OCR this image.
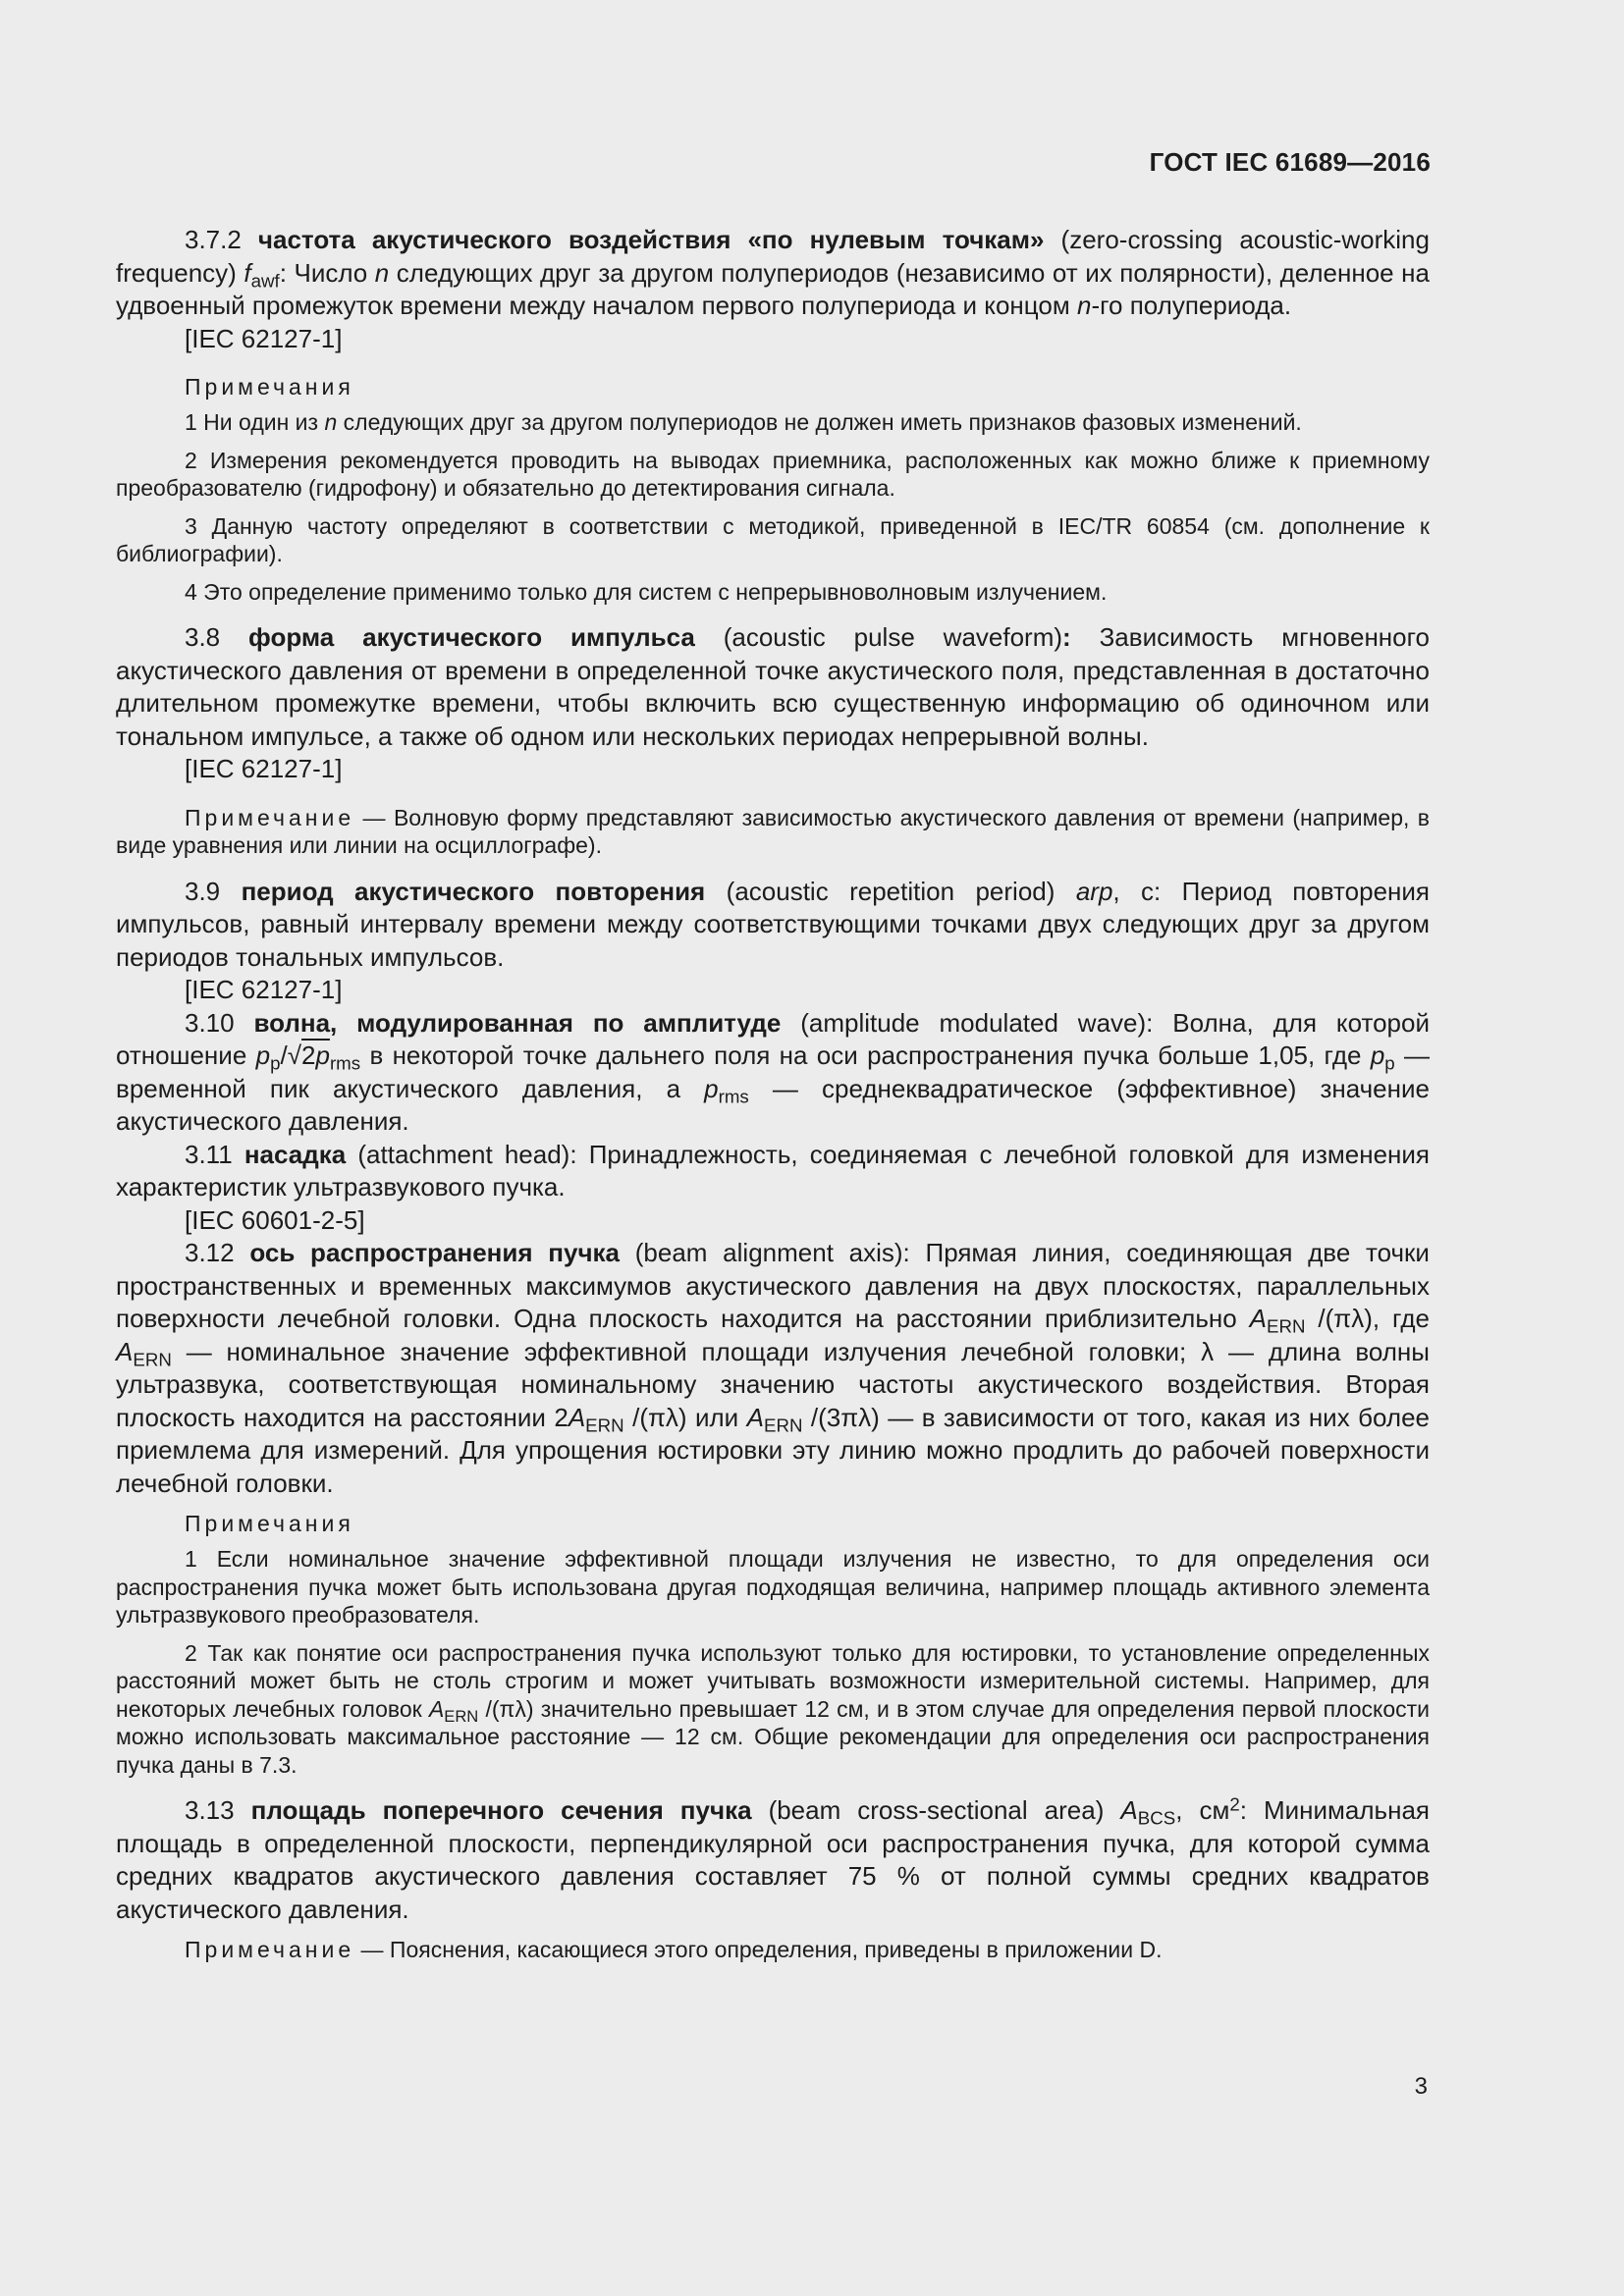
ГОСТ IEC 61689—2016

3.7.2 частота акустического воздействия «по нулевым точкам» (zero-crossing acoustic-working frequency) $f_{awf}$: Число n следующих друг за другом полупериодов (независимо от их полярности), деленное на удвоенный промежуток времени между началом первого полупериода и концом n-го полупериода.

[IEC 62127-1]

Примечания

1 Ни один из n следующих друг за другом полупериодов не должен иметь признаков фазовых изменений.

2 Измерения рекомендуется проводить на выводах приемника, расположенных как можно ближе к приемному преобразователю (гидрофону) и обязательно до детектирования сигнала.

3 Данную частоту определяют в соответствии с методикой, приведенной в IEC/TR 60854 (см. дополнение к библиографии).

4 Это определение применимо только для систем с непрерывноволновым излучением.

3.8 форма акустического импульса (acoustic pulse waveform): Зависимость мгновенного акустического давления от времени в определенной точке акустического поля, представленная в достаточно длительном промежутке времени, чтобы включить всю существенную информацию об одиночном или тональном импульсе, а также об одном или нескольких периодах непрерывной волны.

[IEC 62127-1]

Примечание — Волновую форму представляют зависимостью акустического давления от времени (например, в виде уравнения или линии на осциллографе).

3.9 период акустического повторения (acoustic repetition period) arp, с: Период повторения импульсов, равный интервалу времени между соответствующими точками двух следующих друг за другом периодов тональных импульсов.

[IEC 62127-1]

3.10 волна, модулированная по амплитуде (amplitude modulated wave): Волна, для которой отношение $p_p/√2p_{rms}$ в некоторой точке дальнего поля на оси распространения пучка больше 1,05, где $p_p$ — временной пик акустического давления, а $p_{rms}$ — среднеквадратическое (эффективное) значение акустического давления.

3.11 насадка (attachment head): Принадлежность, соединяемая с лечебной головкой для изменения характеристик ультразвукового пучка.

[IEC 60601-2-5]

3.12 ось распространения пучка (beam alignment axis): Прямая линия, соединяющая две точки пространственных и временных максимумов акустического давления на двух плоскостях, параллельных поверхности лечебной головки. Одна плоскость находится на расстоянии приблизительно $A_{ERN}$ /(πλ), где $A_{ERN}$ — номинальное значение эффективной площади излучения лечебной головки; λ — длина волны ультразвука, соответствующая номинальному значению частоты акустического воздействия. Вторая плоскость находится на расстоянии $2A_{ERN}$ /(πλ) или $A_{ERN}$ /(3πλ) — в зависимости от того, какая из них более приемлема для измерений. Для упрощения юстировки эту линию можно продлить до рабочей поверхности лечебной головки.

Примечания

1 Если номинальное значение эффективной площади излучения не известно, то для определения оси распространения пучка может быть использована другая подходящая величина, например площадь активного элемента ультразвукового преобразователя.

2 Так как понятие оси распространения пучка используют только для юстировки, то установление определенных расстояний может быть не столь строгим и может учитывать возможности измерительной системы. Например, для некоторых лечебных головок $A_{ERN}$ /(πλ) значительно превышает 12 см, и в этом случае для определения первой плоскости можно использовать максимальное расстояние — 12 см. Общие рекомендации для определения оси распространения пучка даны в 7.3.

3.13 площадь поперечного сечения пучка (beam cross-sectional area) $A_{BCS}$, $см^2$: Минимальная площадь в определенной плоскости, перпендикулярной оси распространения пучка, для которой сумма средних квадратов акустического давления составляет 75 % от полной суммы средних квадратов акустического давления.

Примечание — Пояснения, касающиеся этого определения, приведены в приложении D.

3
